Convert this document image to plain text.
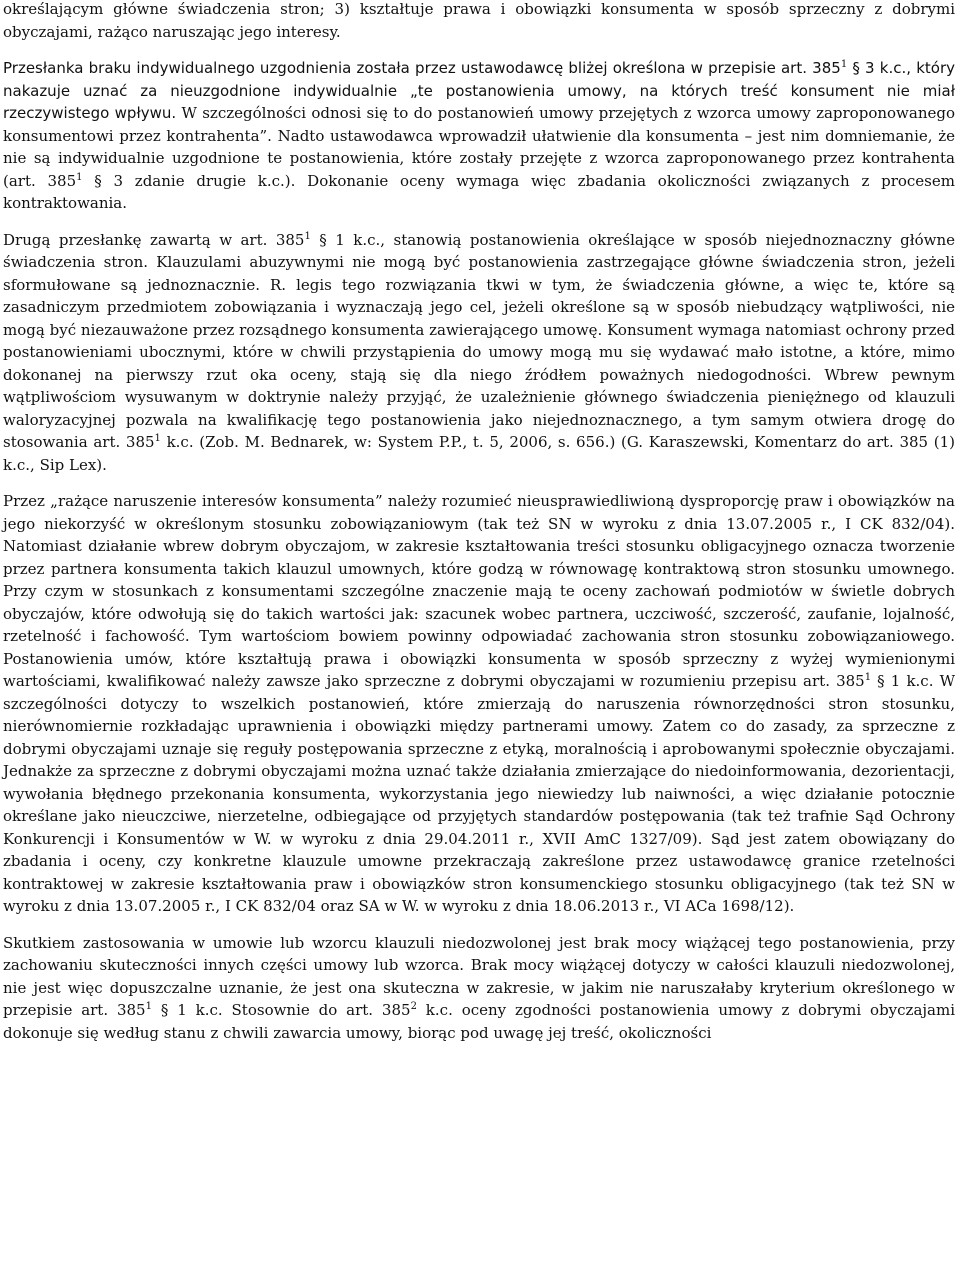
określającym główne świadczenia stron; 3) kształtuje prawa i obowiązki konsumenta w sposób sprzeczny z dobrymi obyczajami, rażąco naruszając jego interesy.

Przesłanka braku indywidualnego uzgodnienia została przez ustawodawcę bliżej określona w przepisie art. $385^1$ § 3 k.c., który nakazuje uznać za nieuzgodnione indywidualnie „te postanowienia umowy, na których treść konsument nie miał rzeczywistego wpływu. W szczególności odnosi się to do postanowień umowy przejętych z wzorca umowy zaproponowanego konsumentowi przez kontrahenta”. Nadto ustawodawca wprowadził ułatwienie dla konsumenta – jest nim domniemanie, że nie są indywidualnie uzgodnione te postanowienia, które zostały przejęte z wzorca zaproponowanego przez kontrahenta (art. $385^1$ § 3 zdanie drugie k.c.). Dokonanie oceny wymaga więc zbadania okoliczności związanych z procesem kontraktowania.

Drugą przesłankę zawartą w art. $385^1$ § 1 k.c., stanowią postanowienia określające w sposób niejednoznaczny główne świadczenia stron. Klauzulami abuzywnymi nie mogą być postanowienia zastrzegające główne świadczenia stron, jeżeli sformułowane są jednoznacznie. R. legis tego rozwiązania tkwi w tym, że świadczenia główne, a więc te, które są zasadniczym przedmiotem zobowiązania i wyznaczają jego cel, jeżeli określone są w sposób niebudzący wątpliwości, nie mogą być niezauważone przez rozsądnego konsumenta zawierającego umowę. Konsument wymaga natomiast ochrony przed postanowieniami ubocznymi, które w chwili przystąpienia do umowy mogą mu się wydawać mało istotne, a które, mimo dokonanej na pierwszy rzut oka oceny, stają się dla niego źródłem poważnych niedogodności. Wbrew pewnym wątpliwościom wysuwanym w doktrynie należy przyjąć, że uzależnienie głównego świadczenia pieniężnego od klauzuli waloryzacyjnej pozwala na kwalifikację tego postanowienia jako niejednoznacznego, a tym samym otwiera drogę do stosowania art. $385^1$ k.c. (Zob. M. Bednarek, w: System P.P., t. 5, 2006, s. 656.) (G. Karaszewski, Komentarz do art. 385 (1) k.c., Sip Lex).

Przez „rażące naruszenie interesów konsumenta” należy rozumieć nieusprawiedliwioną dysproporcję praw i obowiązków na jego niekorzyść w określonym stosunku zobowiązaniowym (tak też SN w wyroku z dnia 13.07.2005 r., I CK 832/04). Natomiast działanie wbrew dobrym obyczajom, w zakresie kształtowania treści stosunku obligacyjnego oznacza tworzenie przez partnera konsumenta takich klauzul umownych, które godzą w równowagę kontraktową stron stosunku umownego. Przy czym w stosunkach z konsumentami szczególne znaczenie mają te oceny zachowań podmiotów w świetle dobrych obyczajów, które odwołują się do takich wartości jak: szacunek wobec partnera, uczciwość, szczerość, zaufanie, lojalność, rzetelność i fachowość. Tym wartościom bowiem powinny odpowiadać zachowania stron stosunku zobowiązaniowego. Postanowienia umów, które kształtują prawa i obowiązki konsumenta w sposób sprzeczny z wyżej wymienionymi wartościami, kwalifikować należy zawsze jako sprzeczne z dobrymi obyczajami w rozumieniu przepisu art. $385^1$ § 1 k.c. W szczególności dotyczy to wszelkich postanowień, które zmierzają do naruszenia równorzędności stron stosunku, nierównomiernie rozkładając uprawnienia i obowiązki między partnerami umowy. Zatem co do zasady, za sprzeczne z dobrymi obyczajami uznaje się reguły postępowania sprzeczne z etyką, moralnością i aprobowanymi społecznie obyczajami. Jednakże za sprzeczne z dobrymi obyczajami można uznać także działania zmierzające do niedoinformowania, dezorientacji, wywołania błędnego przekonania konsumenta, wykorzystania jego niewiedzy lub naiwności, a więc działanie potocznie określane jako nieuczciwe, nierzetelne, odbiegające od przyjętych standardów postępowania (tak też trafnie Sąd Ochrony Konkurencji i Konsumentów w W. w wyroku z dnia 29.04.2011 r., XVII AmC 1327/09). Sąd jest zatem obowiązany do zbadania i oceny, czy konkretne klauzule umowne przekraczają zakreślone przez ustawodawcę granice rzetelności kontraktowej w zakresie kształtowania praw i obowiązków stron konsumenckiego stosunku obligacyjnego (tak też SN w wyroku z dnia 13.07.2005 r., I CK 832/04 oraz SA w W. w wyroku z dnia 18.06.2013 r., VI ACa 1698/12).

Skutkiem zastosowania w umowie lub wzorcu klauzuli niedozwolonej jest brak mocy wiążącej tego postanowienia, przy zachowaniu skuteczności innych części umowy lub wzorca. Brak mocy wiążącej dotyczy w całości klauzuli niedozwolonej, nie jest więc dopuszczalne uznanie, że jest ona skuteczna w zakresie, w jakim nie naruszałaby kryterium określonego w przepisie art. $385^1$ § 1 k.c. Stosownie do art. $385^2$ k.c. oceny zgodności postanowienia umowy z dobrymi obyczajami dokonuje się według stanu z chwili zawarcia umowy, biorąc pod uwagę jej treść, okoliczności
